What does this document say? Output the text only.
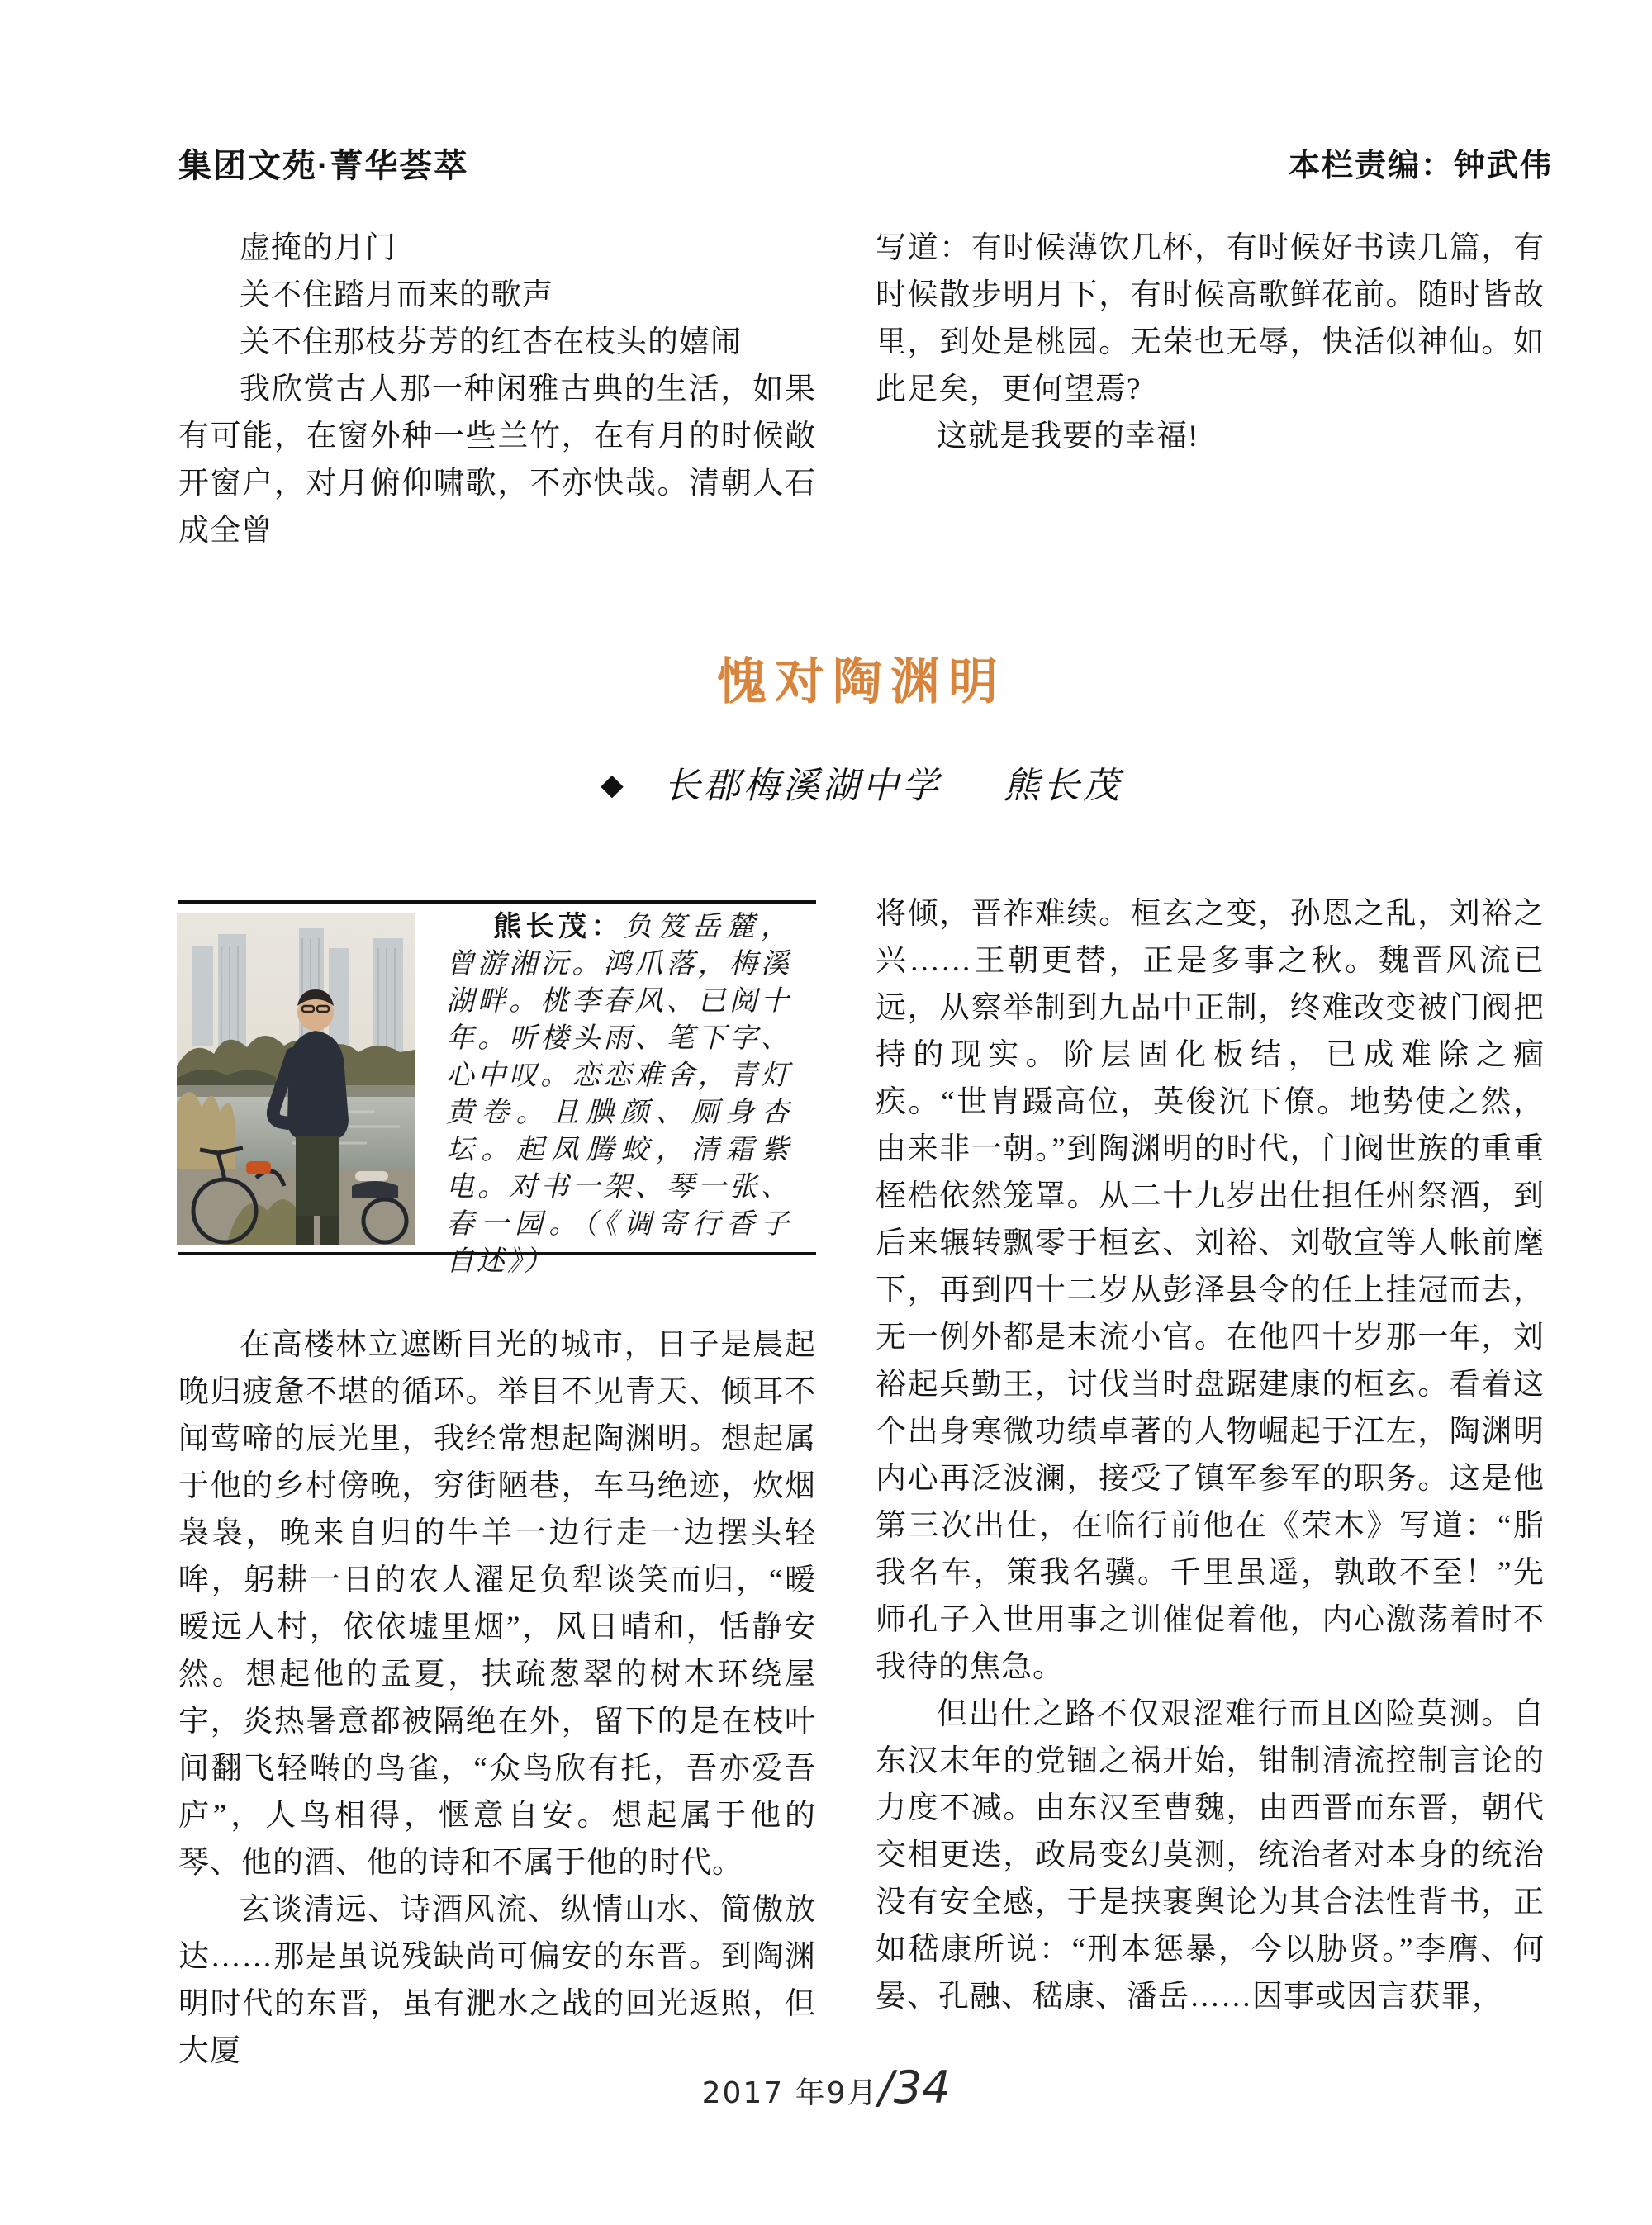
集团文苑·菁华荟萃	本栏责编：钟武伟
虚掩的月门
关不住踏月而来的歌声
关不住那枝芬芳的红杏在枝头的嬉闹

我欣赏古人那一种闲雅古典的生活，如果有可能，在窗外种一些兰竹，在有月的时候敞开窗户，对月俯仰啸歌，不亦快哉。清朝人石成全曾

写道：有时候薄饮几杯，有时候好书读几篇，有时候散步明月下，有时候高歌鲜花前。随时皆故里，到处是桃园。无荣也无辱，快活似神仙。如此足矣，更何望焉?

这就是我要的幸福!

愧对陶渊明
◆ 长郡梅溪湖中学 熊长茂

熊长茂：负笈岳麓，曾游湘沅。鸿爪落，梅溪湖畔。桃李春风、已阅十年。听楼头雨、笔下字、心中叹。恋恋难舍，青灯黄卷。且腆颜、厕身杏坛。起凤腾蛟，清霜紫电。对书一架、琴一张、春一园。（《调寄行香子　自述》）

在高楼林立遮断目光的城市，日子是晨起晚归疲惫不堪的循环。举目不见青天、倾耳不闻莺啼的辰光里，我经常想起陶渊明。想起属于他的乡村傍晚，穷街陋巷，车马绝迹，炊烟袅袅，晚来自归的牛羊一边行走一边摆头轻哞，躬耕一日的农人濯足负犁谈笑而归，“暧暧远人村，依依墟里烟”，风日晴和，恬静安然。想起他的孟夏，扶疏葱翠的树木环绕屋宇，炎热暑意都被隔绝在外，留下的是在枝叶间翻飞轻啭的鸟雀，“众鸟欣有托，吾亦爱吾庐”，人鸟相得，惬意自安。想起属于他的琴、他的酒、他的诗和不属于他的时代。

玄谈清远、诗酒风流、纵情山水、简傲放达……那是虽说残缺尚可偏安的东晋。到陶渊明时代的东晋，虽有淝水之战的回光返照，但大厦

将倾，晋祚难续。桓玄之变，孙恩之乱，刘裕之兴……王朝更替，正是多事之秋。魏晋风流已远，从察举制到九品中正制，终难改变被门阀把持的现实。阶层固化板结，已成难除之痼疾。“世胄蹑高位，英俊沉下僚。地势使之然，由来非一朝。”到陶渊明的时代，门阀世族的重重桎梏依然笼罩。从二十九岁出仕担任州祭酒，到后来辗转飘零于桓玄、刘裕、刘敬宣等人帐前麾下，再到四十二岁从彭泽县令的任上挂冠而去，无一例外都是末流小官。在他四十岁那一年，刘裕起兵勤王，讨伐当时盘踞建康的桓玄。看着这个出身寒微功绩卓著的人物崛起于江左，陶渊明内心再泛波澜，接受了镇军参军的职务。这是他第三次出仕，在临行前他在《荣木》写道：“脂我名车，策我名骥。千里虽遥，孰敢不至！”先师孔子入世用事之训催促着他，内心激荡着时不我待的焦急。

但出仕之路不仅艰涩难行而且凶险莫测。自东汉末年的党锢之祸开始，钳制清流控制言论的力度不减。由东汉至曹魏，由西晋而东晋，朝代交相更迭，政局变幻莫测，统治者对本身的统治没有安全感，于是挟裹舆论为其合法性背书，正如嵇康所说：“刑本惩暴，今以胁贤。”李膺、何晏、孔融、嵇康、潘岳……因事或因言获罪，

2017 年9月/34
